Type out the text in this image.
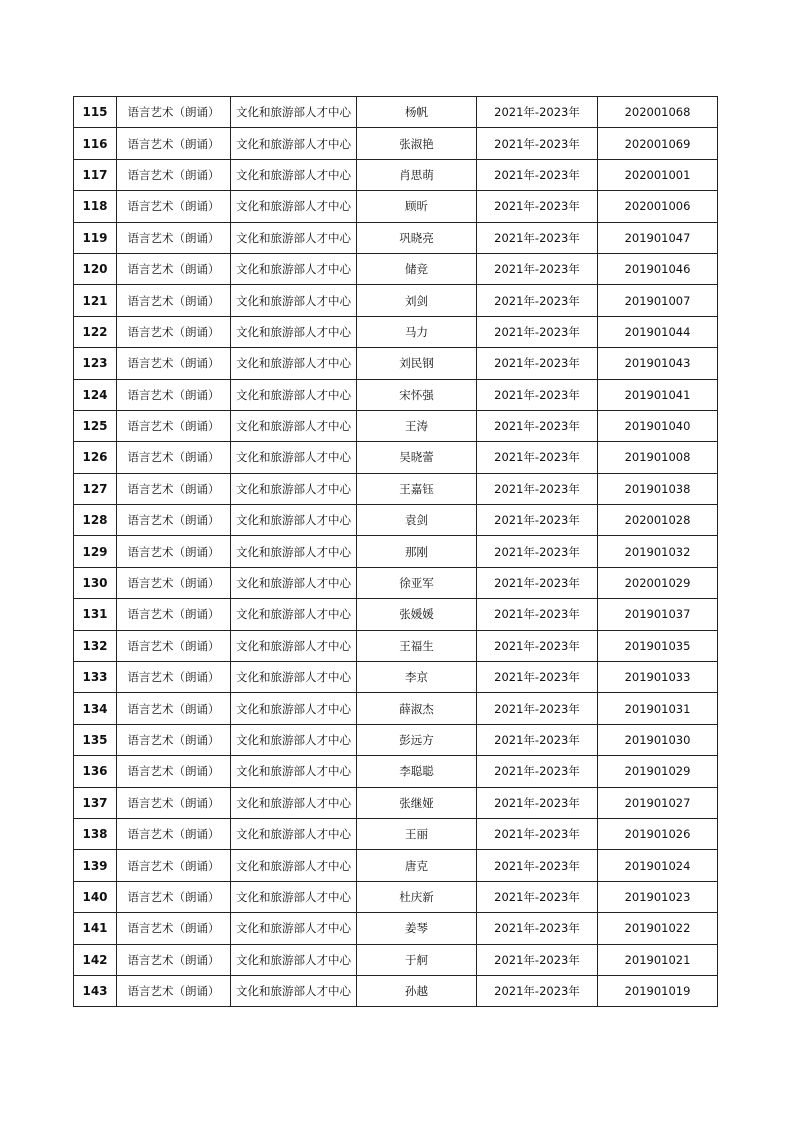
115	语言艺术（朗诵）	文化和旅游部人才中心	杨帆	2021年-2023年	202001068
116	语言艺术（朗诵）	文化和旅游部人才中心	张淑艳	2021年-2023年	202001069
117	语言艺术（朗诵）	文化和旅游部人才中心	肖思萌	2021年-2023年	202001001
118	语言艺术（朗诵）	文化和旅游部人才中心	顾昕	2021年-2023年	202001006
119	语言艺术（朗诵）	文化和旅游部人才中心	巩晓亮	2021年-2023年	201901047
120	语言艺术（朗诵）	文化和旅游部人才中心	储竞	2021年-2023年	201901046
121	语言艺术（朗诵）	文化和旅游部人才中心	刘剑	2021年-2023年	201901007
122	语言艺术（朗诵）	文化和旅游部人才中心	马力	2021年-2023年	201901044
123	语言艺术（朗诵）	文化和旅游部人才中心	刘民钢	2021年-2023年	201901043
124	语言艺术（朗诵）	文化和旅游部人才中心	宋怀强	2021年-2023年	201901041
125	语言艺术（朗诵）	文化和旅游部人才中心	王涛	2021年-2023年	201901040
126	语言艺术（朗诵）	文化和旅游部人才中心	吴晓蕾	2021年-2023年	201901008
127	语言艺术（朗诵）	文化和旅游部人才中心	王嘉钰	2021年-2023年	201901038
128	语言艺术（朗诵）	文化和旅游部人才中心	袁剑	2021年-2023年	202001028
129	语言艺术（朗诵）	文化和旅游部人才中心	那刚	2021年-2023年	201901032
130	语言艺术（朗诵）	文化和旅游部人才中心	徐亚军	2021年-2023年	202001029
131	语言艺术（朗诵）	文化和旅游部人才中心	张媛媛	2021年-2023年	201901037
132	语言艺术（朗诵）	文化和旅游部人才中心	王福生	2021年-2023年	201901035
133	语言艺术（朗诵）	文化和旅游部人才中心	李京	2021年-2023年	201901033
134	语言艺术（朗诵）	文化和旅游部人才中心	薛淑杰	2021年-2023年	201901031
135	语言艺术（朗诵）	文化和旅游部人才中心	彭远方	2021年-2023年	201901030
136	语言艺术（朗诵）	文化和旅游部人才中心	李聪聪	2021年-2023年	201901029
137	语言艺术（朗诵）	文化和旅游部人才中心	张继娅	2021年-2023年	201901027
138	语言艺术（朗诵）	文化和旅游部人才中心	王丽	2021年-2023年	201901026
139	语言艺术（朗诵）	文化和旅游部人才中心	唐克	2021年-2023年	201901024
140	语言艺术（朗诵）	文化和旅游部人才中心	杜庆新	2021年-2023年	201901023
141	语言艺术（朗诵）	文化和旅游部人才中心	姜琴	2021年-2023年	201901022
142	语言艺术（朗诵）	文化和旅游部人才中心	于舸	2021年-2023年	201901021
143	语言艺术（朗诵）	文化和旅游部人才中心	孙越	2021年-2023年	201901019
